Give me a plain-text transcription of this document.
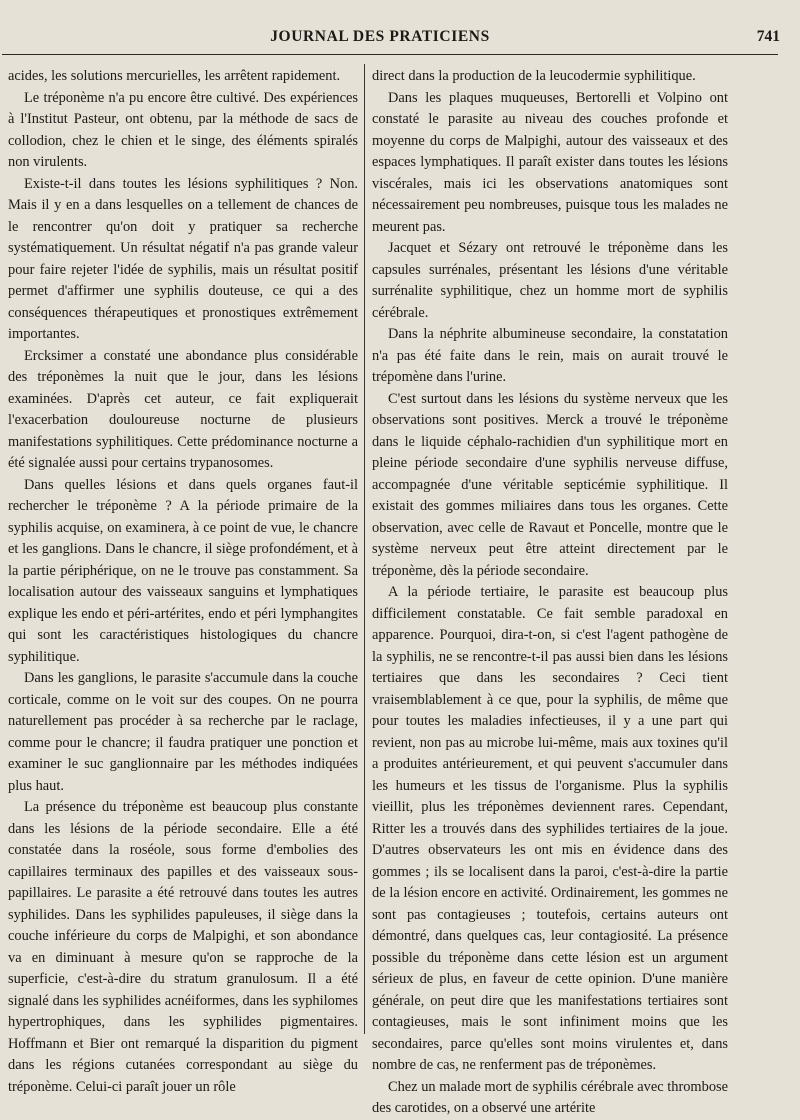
JOURNAL DES PRATICIENS	741

acides, les solutions mercurielles, les arrêtent rapidement.

Le tréponème n'a pu encore être cultivé. Des expériences à l'Institut Pasteur, ont obtenu, par la méthode de sacs de collodion, chez le chien et le singe, des éléments spiralés non virulents.

Existe-t-il dans toutes les lésions syphilitiques ? Non. Mais il y en a dans lesquelles on a tellement de chances de le rencontrer qu'on doit y pratiquer sa recherche systématiquement. Un résultat négatif n'a pas grande valeur pour faire rejeter l'idée de syphilis, mais un résultat positif permet d'affirmer une syphilis douteuse, ce qui a des conséquences thérapeutiques et pronostiques extrêmement importantes.

Ercksimer a constaté une abondance plus considérable des tréponèmes la nuit que le jour, dans les lésions examinées. D'après cet auteur, ce fait expliquerait l'exacerbation douloureuse nocturne de plusieurs manifestations syphilitiques. Cette prédominance nocturne a été signalée aussi pour certains trypanosomes.

Dans quelles lésions et dans quels organes faut-il rechercher le tréponème ? A la période primaire de la syphilis acquise, on examinera, à ce point de vue, le chancre et les ganglions. Dans le chancre, il siège profondément, et à la partie périphérique, on ne le trouve pas constamment. Sa localisation autour des vaisseaux sanguins et lymphatiques explique les endo et péri-artérites, endo et péri lymphangites qui sont les caractéristiques histologiques du chancre syphilitique.

Dans les ganglions, le parasite s'accumule dans la couche corticale, comme on le voit sur des coupes. On ne pourra naturellement pas procéder à sa recherche par le raclage, comme pour le chancre; il faudra pratiquer une ponction et examiner le suc ganglionnaire par les méthodes indiquées plus haut.

La présence du tréponème est beaucoup plus constante dans les lésions de la période secondaire. Elle a été constatée dans la roséole, sous forme d'embolies des capillaires terminaux des papilles et des vaisseaux sous-papillaires. Le parasite a été retrouvé dans toutes les autres syphilides. Dans les syphilides papuleuses, il siège dans la couche inférieure du corps de Malpighi, et son abondance va en diminuant à mesure qu'on se rapproche de la superficie, c'est-à-dire du stratum granulosum. Il a été signalé dans les syphilides acnéiformes, dans les syphilomes hypertrophiques, dans les syphilides pigmentaires. Hoffmann et Bier ont remarqué la disparition du pigment dans les régions cutanées correspondant au siège du tréponème. Celui-ci paraît jouer un rôle

direct dans la production de la leucodermie syphilitique.

Dans les plaques muqueuses, Bertorelli et Volpino ont constaté le parasite au niveau des couches profonde et moyenne du corps de Malpighi, autour des vaisseaux et des espaces lymphatiques. Il paraît exister dans toutes les lésions viscérales, mais ici les observations anatomiques sont nécessairement peu nombreuses, puisque tous les malades ne meurent pas.

Jacquet et Sézary ont retrouvé le tréponème dans les capsules surrénales, présentant les lésions d'une véritable surrénalite syphilitique, chez un homme mort de syphilis cérébrale.

Dans la néphrite albumineuse secondaire, la constatation n'a pas été faite dans le rein, mais on aurait trouvé le trépomène dans l'urine.

C'est surtout dans les lésions du système nerveux que les observations sont positives. Merck a trouvé le tréponème dans le liquide céphalo-rachidien d'un syphilitique mort en pleine période secondaire d'une syphilis nerveuse diffuse, accompagnée d'une véritable septicémie syphilitique. Il existait des gommes miliaires dans tous les organes. Cette observation, avec celle de Ravaut et Poncelle, montre que le système nerveux peut être atteint directement par le tréponème, dès la période secondaire.

A la période tertiaire, le parasite est beaucoup plus difficilement constatable. Ce fait semble paradoxal en apparence. Pourquoi, dira-t-on, si c'est l'agent pathogène de la syphilis, ne se rencontre-t-il pas aussi bien dans les lésions tertiaires que dans les secondaires ? Ceci tient vraisemblablement à ce que, pour la syphilis, de même que pour toutes les maladies infectieuses, il y a une part qui revient, non pas au microbe lui-même, mais aux toxines qu'il a produites antérieurement, et qui peuvent s'accumuler dans les humeurs et les tissus de l'organisme. Plus la syphilis vieillit, plus les tréponèmes deviennent rares. Cependant, Ritter les a trouvés dans des syphilides tertiaires de la joue. D'autres observateurs les ont mis en évidence dans des gommes ; ils se localisent dans la paroi, c'est-à-dire la partie de la lésion encore en activité. Ordinairement, les gommes ne sont pas contagieuses ; toutefois, certains auteurs ont démontré, dans quelques cas, leur contagiosité. La présence possible du tréponème dans cette lésion est un argument sérieux de plus, en faveur de cette opinion. D'une manière générale, on peut dire que les manifestations tertiaires sont contagieuses, mais le sont infiniment moins que les secondaires, parce qu'elles sont moins virulentes et, dans nombre de cas, ne renferment pas de tréponèmes.

Chez un malade mort de syphilis cérébrale avec thrombose des carotides, on a observé une artérite
